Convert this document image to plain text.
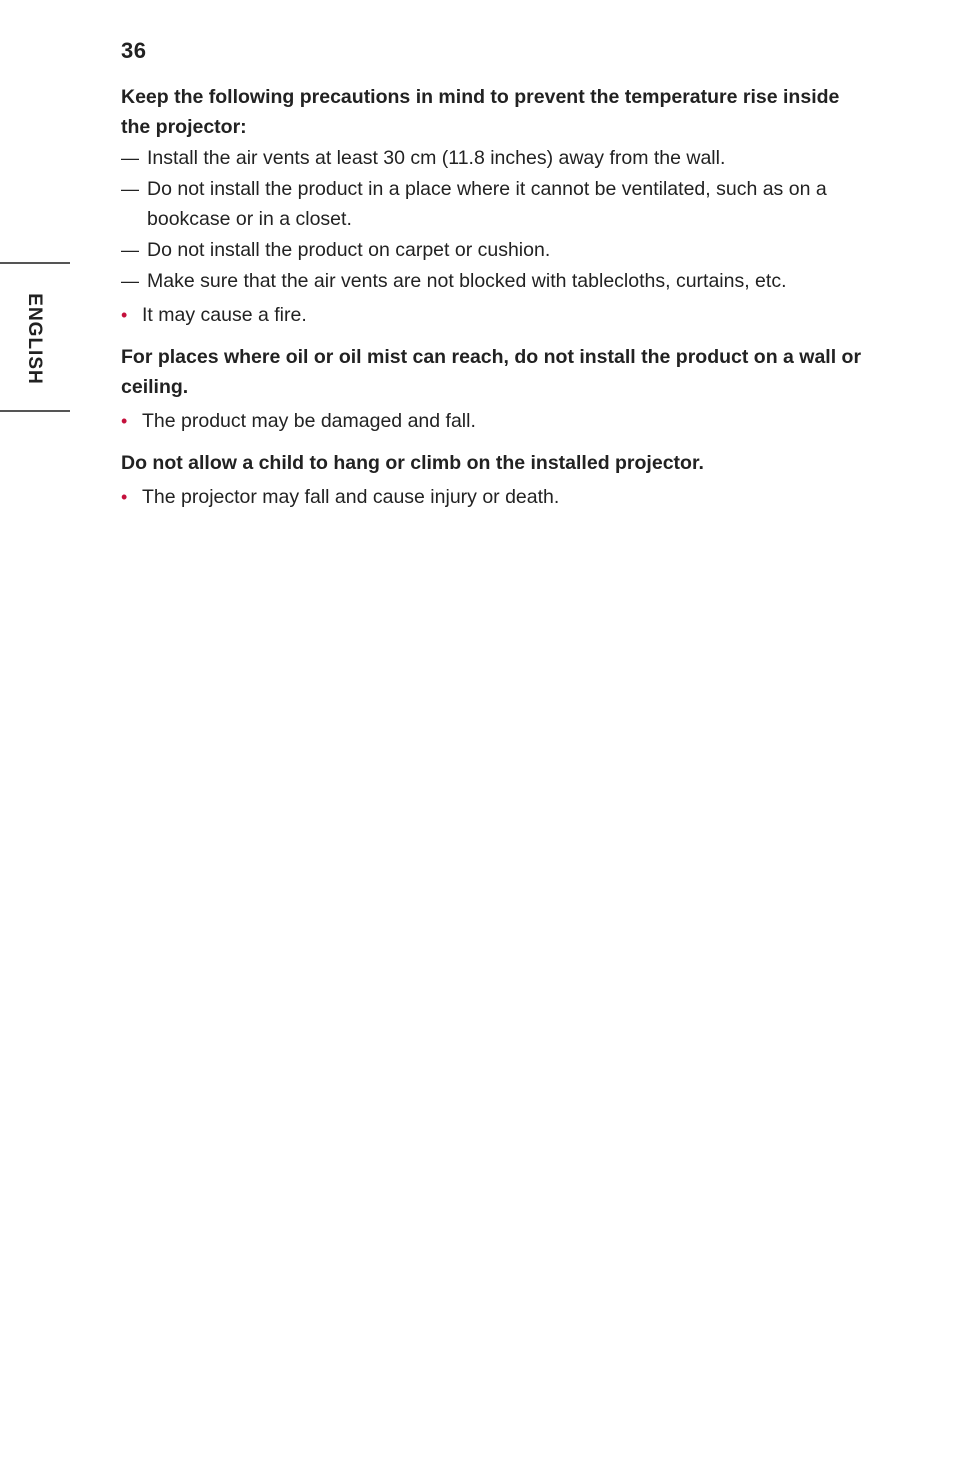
36
ENGLISH

Keep the following precautions in mind to prevent the temperature rise inside the projector:

— Install the air vents at least 30 cm (11.8 inches) away from the wall.
— Do not install the product in a place where it cannot be ventilated, such as on a bookcase or in a closet.
— Do not install the product on carpet or cushion.
— Make sure that the air vents are not blocked with tablecloths, curtains, etc.
• It may cause a fire.

For places where oil or oil mist can reach, do not install the product on a wall or ceiling.

• The product may be damaged and fall.

Do not allow a child to hang or climb on the installed projector.

• The projector may fall and cause injury or death.
